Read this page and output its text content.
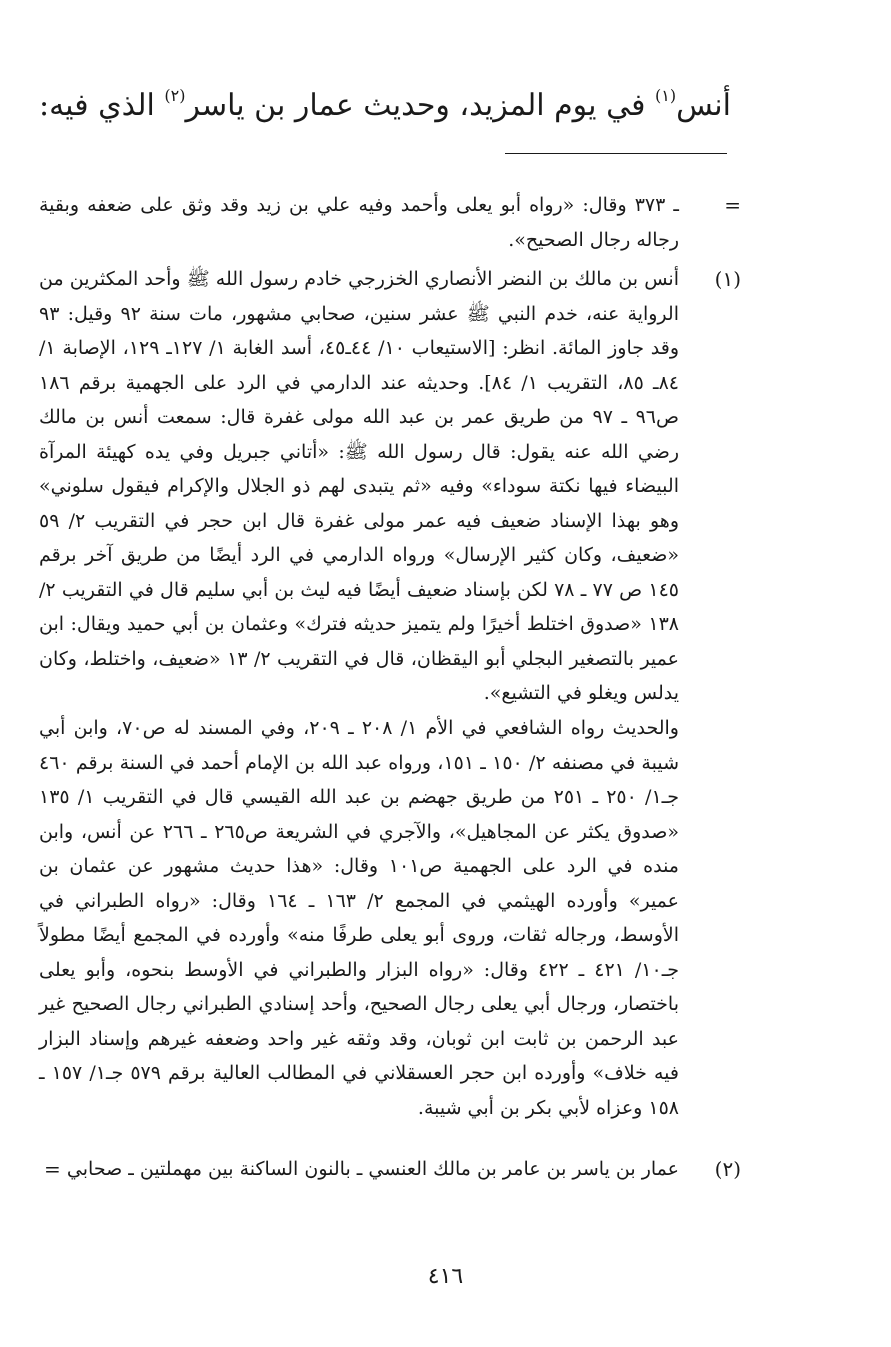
أنس$^{(١)}$ في يوم المزيد، وحديث عمار بن ياسر$^{(٢)}$ الذي فيه:
=
ـ ٣٧٣ وقال: «رواه أبو يعلى وأحمد وفيه علي بن زيد وقد وثق على ضعفه وبقية رجاله رجال الصحيح».
(١)
أنس بن مالك بن النضر الأنصاري الخزرجي خادم رسول الله ﷺ وأحد المكثرين من الرواية عنه، خدم النبي ﷺ عشر سنين، صحابي مشهور، مات سنة ٩٢ وقيل: ٩٣ وقد جاوز المائة. انظر: [الاستيعاب ١٠/ ٤٤ـ٤٥، أسد الغابة ١/ ١٢٧ـ ١٢٩، الإصابة ١/ ٨٤ـ ٨٥، التقريب ١/ ٨٤]. وحديثه عند الدارمي في الرد على الجهمية برقم ١٨٦ ص٩٦ ـ ٩٧ من طريق عمر بن عبد الله مولى غفرة قال: سمعت أنس بن مالك رضي الله عنه يقول: قال رسول الله ﷺ: «أتاني جبريل وفي يده كهيئة المرآة البيضاء فيها نكتة سوداء» وفيه «ثم يتبدى لهم ذو الجلال والإكرام فيقول سلوني» وهو بهذا الإسناد ضعيف فيه عمر مولى غفرة قال ابن حجر في التقريب ٢/ ٥٩ «ضعيف، وكان كثير الإرسال» ورواه الدارمي في الرد أيضًا من طريق آخر برقم ١٤٥ ص ٧٧ ـ ٧٨ لكن بإسناد ضعيف أيضًا فيه ليث بن أبي سليم قال في التقريب ٢/ ١٣٨ «صدوق اختلط أخيرًا ولم يتميز حديثه فترك» وعثمان بن أبي حميد ويقال: ابن عمير بالتصغير البجلي أبو اليقظان، قال في التقريب ٢/ ١٣ «ضعيف، واختلط، وكان يدلس ويغلو في التشيع».
والحديث رواه الشافعي في الأم ١/ ٢٠٨ ـ ٢٠٩، وفي المسند له ص٧٠، وابن أبي شيبة في مصنفه ٢/ ١٥٠ ـ ١٥١، ورواه عبد الله بن الإمام أحمد في السنة برقم ٤٦٠ جـ١/ ٢٥٠ ـ ٢٥١ من طريق جهضم بن عبد الله القيسي قال في التقريب ١/ ١٣٥ «صدوق يكثر عن المجاهيل»، والآجري في الشريعة ص٢٦٥ ـ ٢٦٦ عن أنس، وابن منده في الرد على الجهمية ص١٠١ وقال: «هذا حديث مشهور عن عثمان بن عمير» وأورده الهيثمي في المجمع ٢/ ١٦٣ ـ ١٦٤ وقال: «رواه الطبراني في الأوسط، ورجاله ثقات، وروى أبو يعلى طرفًا منه» وأورده في المجمع أيضًا مطولاً جـ١٠/ ٤٢١ ـ ٤٢٢ وقال: «رواه البزار والطبراني في الأوسط بنحوه، وأبو يعلى باختصار، ورجال أبي يعلى رجال الصحيح، وأحد إسنادي الطبراني رجال الصحيح غير عبد الرحمن بن ثابت ابن ثوبان، وقد وثقه غير واحد وضعفه غيرهم وإسناد البزار فيه خلاف» وأورده ابن حجر العسقلاني في المطالب العالية برقم ٥٧٩ جـ١/ ١٥٧ ـ ١٥٨ وعزاه لأبي بكر بن أبي شيبة.
(٢)
عمار بن ياسر بن عامر بن مالك العنسي ـ بالنون الساكنة بين مهملتين ـ صحابي
=
٤١٦
